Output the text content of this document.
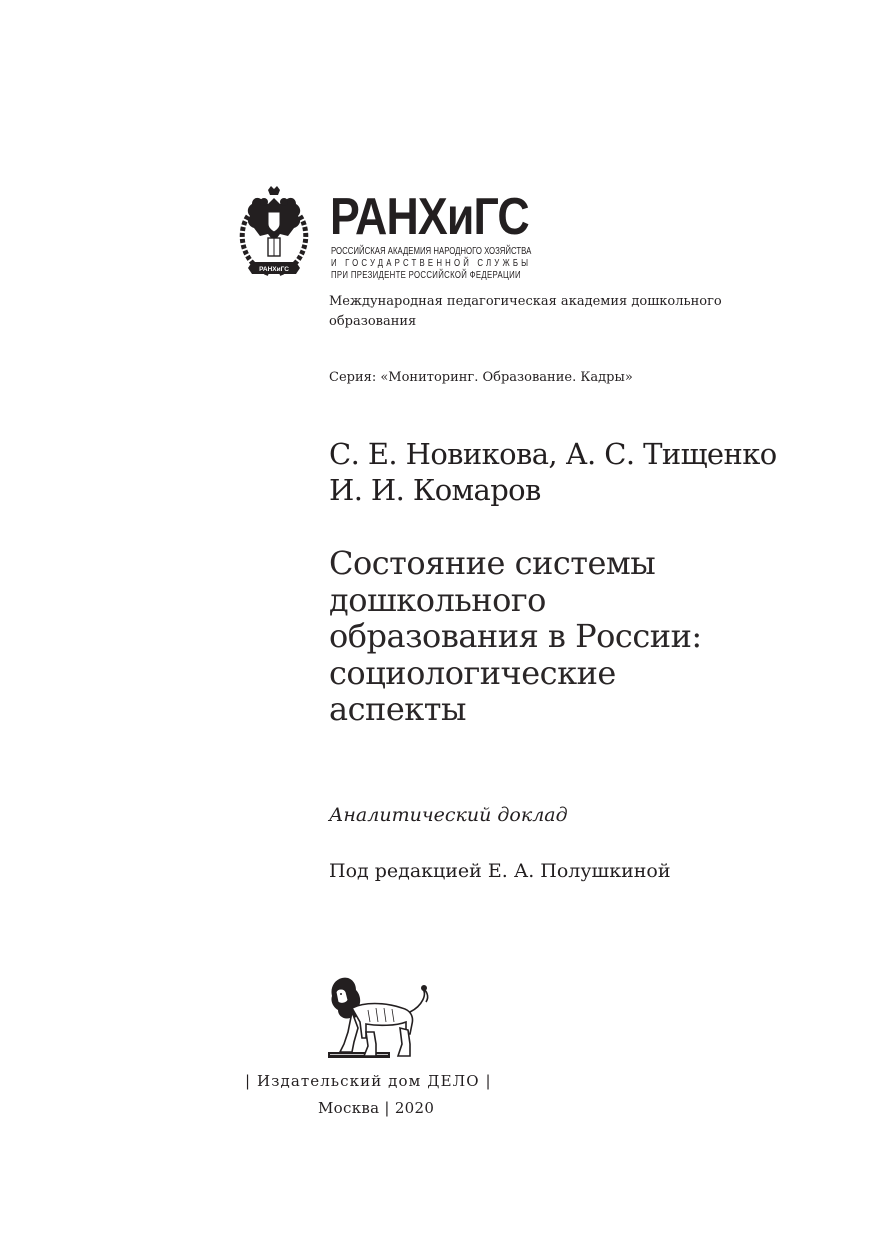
РАНХиГС
РАНХиГС
РОССИЙСКАЯ АКАДЕМИЯ НАРОДНОГО ХОЗЯЙСТВА
И ГОСУДАРСТВЕННОЙ СЛУЖБЫ
ПРИ ПРЕЗИДЕНТЕ РОССИЙСКОЙ ФЕДЕРАЦИИ
Международная педагогическая академия дошкольного
образования
Серия: «Мониторинг. Образование. Кадры»
С. Е. Новикова, А. С. Тищенко
И. И. Комаров
Состояние системы
дошкольного
образования в России:
социологические
аспекты
Аналитический доклад
Под редакцией Е. А. Полушкиной
| Издательский дом ДЕЛО |
Москва | 2020
